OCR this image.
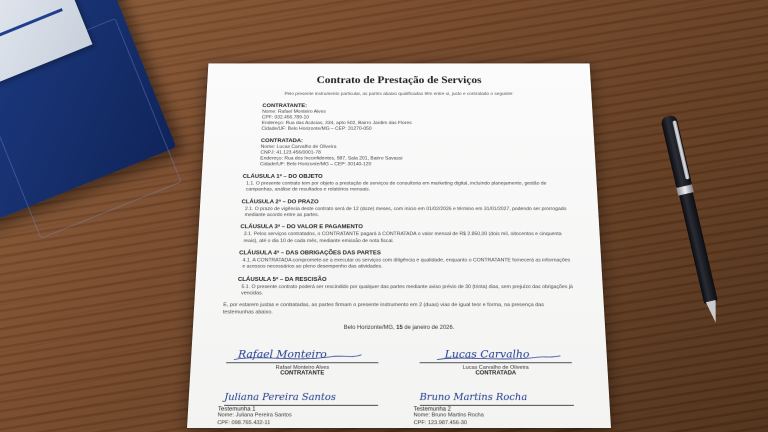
Contrato de Prestação de Serviços
Pelo presente instrumento particular, as partes abaixo qualificadas têm entre si, justo e contratado o seguinte:
CONTRATANTE:
Nome: Rafael Monteiro Alves
CPF: 032.456.789-10
Endereço: Rua das Acácias, 334, apto 502, Bairro Jardim das Flores
Cidade/UF: Belo Horizonte/MG – CEP: 31270-050
CONTRATADA:
Nome: Lucas Carvalho de Oliveira
CNPJ: 41.123.456/0001-78
Endereço: Rua dos Inconfidentes, 987, Sala 201, Bairro Savassi
Cidade/UF: Belo Horizonte/MG – CEP: 30140-120
CLÁUSULA 1ª – DO OBJETO
1.1. O presente contrato tem por objeto a prestação de serviços de consultoria em marketing digital, incluindo planejamento, gestão de campanhas, análise de resultados e relatórios mensais.
CLÁUSULA 2ª – DO PRAZO
2.1. O prazo de vigência deste contrato será de 12 (doze) meses, com início em 01/02/2026 e término em 31/01/2027, podendo ser prorrogado mediante acordo entre as partes.
CLÁUSULA 3ª – DO VALOR E PAGAMENTO
3.1. Pelos serviços contratados, o CONTRATANTE pagará à CONTRATADA o valor mensal de R$ 2.850,00 (dois mil, oitocentos e cinquenta reais), até o dia 10 de cada mês, mediante emissão de nota fiscal.
CLÁUSULA 4ª – DAS OBRIGAÇÕES DAS PARTES
4.1. A CONTRATADA compromete-se a executar os serviços com diligência e qualidade, enquanto o CONTRATANTE fornecerá as informações e acessos necessários ao pleno desempenho das atividades.
CLÁUSULA 5ª – DA RESCISÃO
5.1. O presente contrato poderá ser rescindido por qualquer das partes mediante aviso prévio de 30 (trinta) dias, sem prejuízo das obrigações já vencidas.
E, por estarem justas e contratadas, as partes firmam o presente instrumento em 2 (duas) vias de igual teor e forma, na presença das testemunhas abaixo.
Belo Horizonte/MG, 15 de janeiro de 2026.
Rafael Monteiro
Rafael Monteiro Alves
CONTRATANTE
Lucas Carvalho
Lucas Carvalho de Oliveira
CONTRATADA
Juliana Pereira Santos
Testemunha 1
Nome: Juliana Pereira Santos
CPF: 098.765.432-11
Bruno Martins Rocha
Testemunha 2
Nome: Bruno Martins Rocha
CPF: 123.987.456-30
